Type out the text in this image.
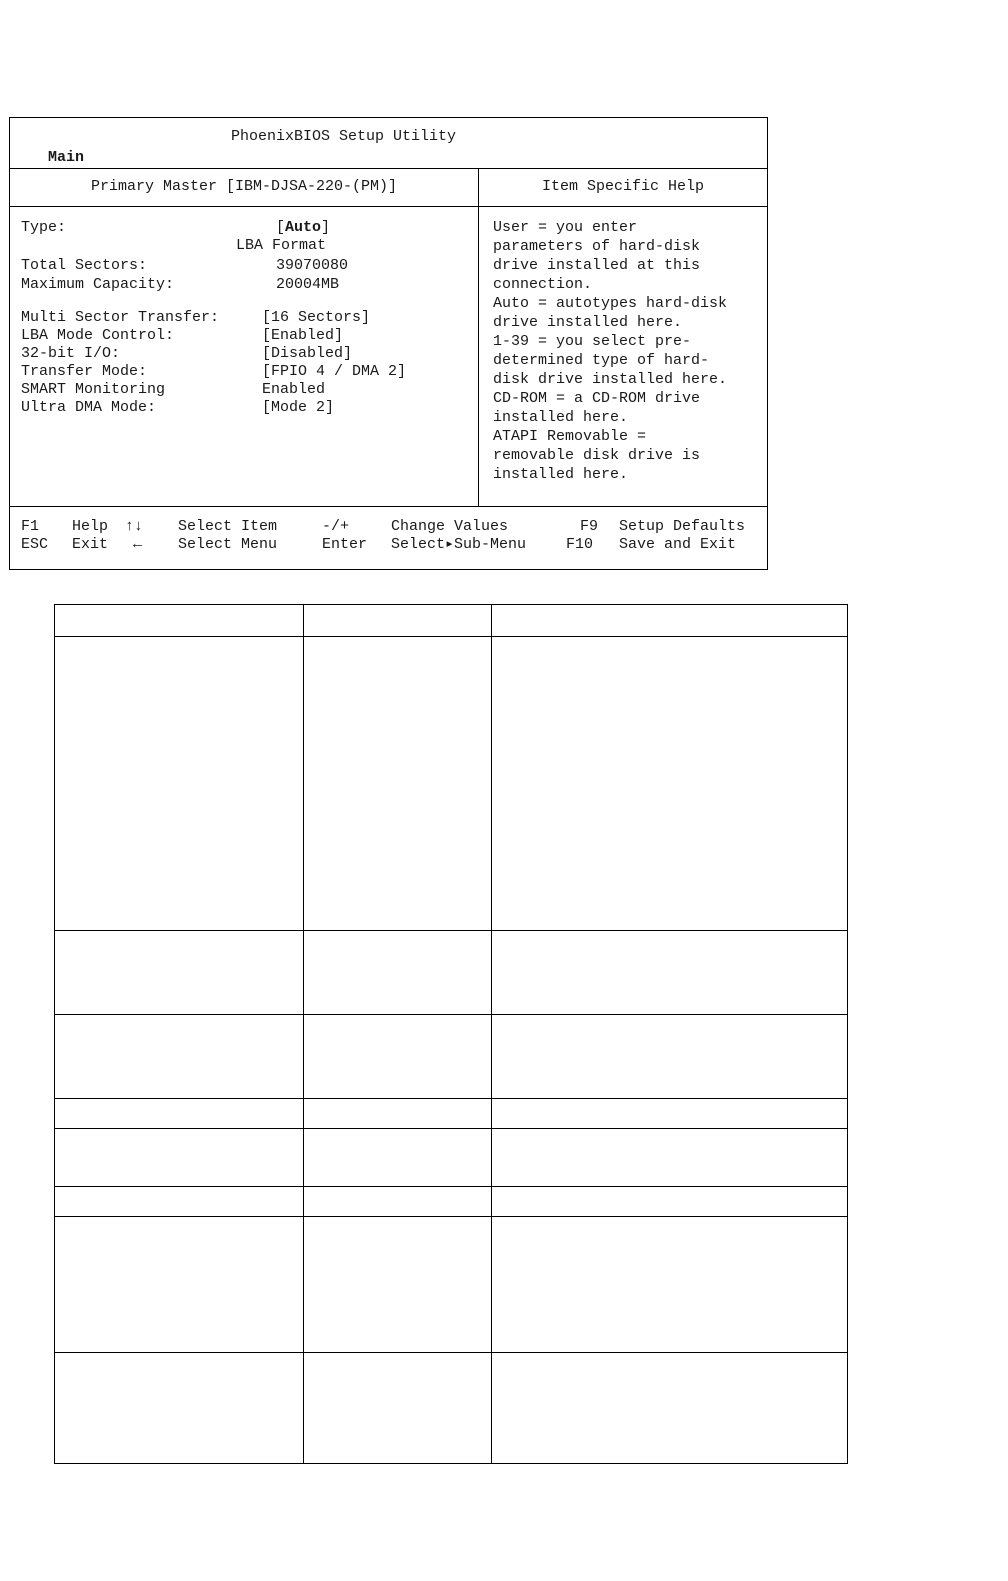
PhoenixBIOS Setup Utility
Main
Primary Master [IBM-DJSA-220-(PM)]	Item Specific Help
Type:	[Auto]
LBA Format
Total Sectors:	39070080
Maximum Capacity:	20004MB
Multi Sector Transfer:	[16 Sectors]
LBA Mode Control:	[Enabled]
32-bit I/O:	[Disabled]
Transfer Mode:	[FPIO 4 / DMA 2]
SMART Monitoring	Enabled
Ultra DMA Mode:	[Mode 2]
User = you enter
parameters of hard-disk
drive installed at this
connection.
Auto = autotypes hard-disk
drive installed here.
1-39 = you select pre-
determined type of hard-
disk drive installed here.
CD-ROM = a CD-ROM drive
installed here.
ATAPI Removable =
removable disk drive is
installed here.
F1 Help ↑↓ Select Item	-/+	Change Values	F9 Setup Defaults
ESC Exit ← Select Menu	Enter Select ▸ Sub-Menu	F10 Save and Exit
